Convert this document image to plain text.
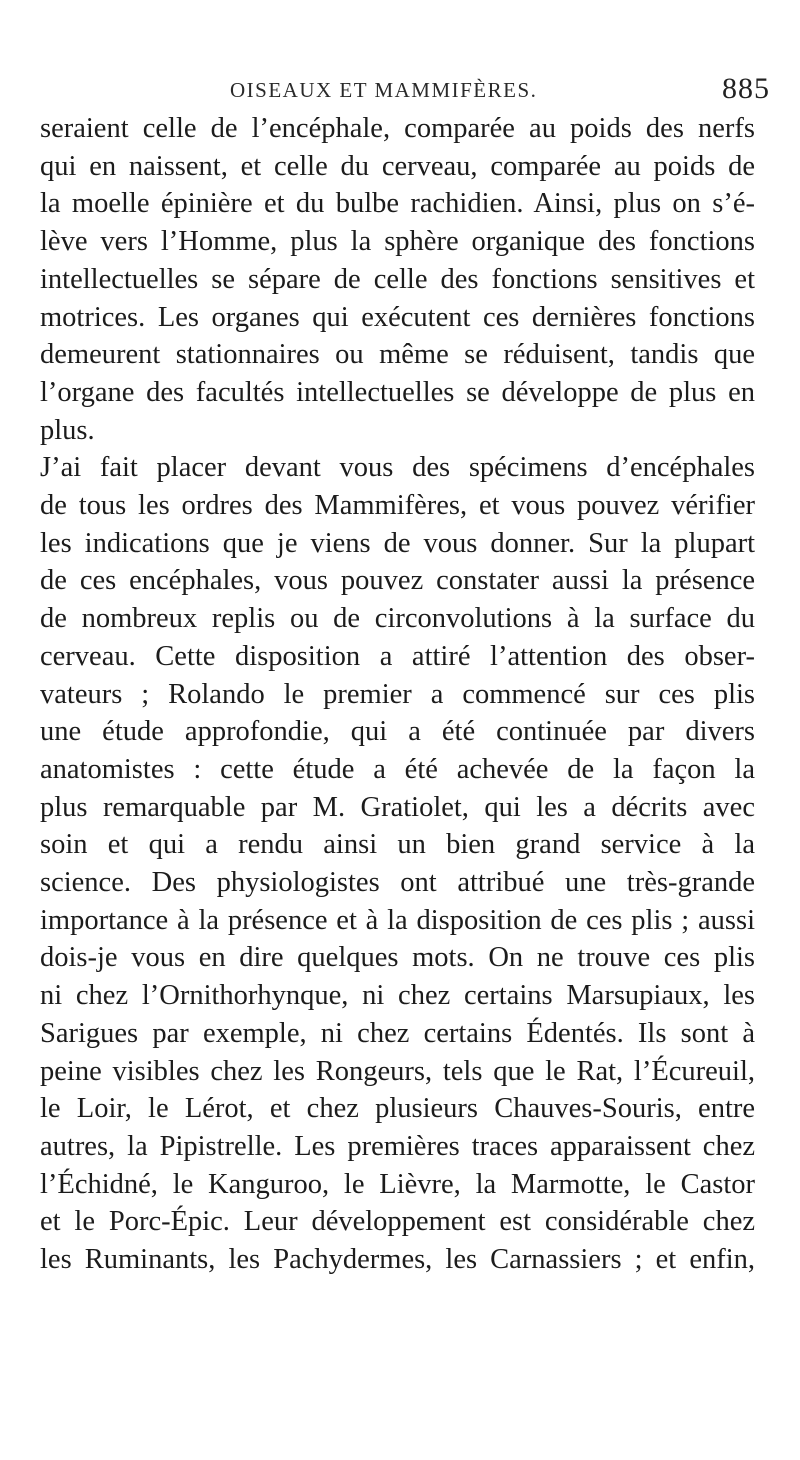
OISEAUX ET MAMMIFÈRES.	885
seraient celle de l’encéphale, comparée au poids des nerfs
qui en naissent, et celle du cerveau, comparée au poids de
la moelle épinière et du bulbe rachidien. Ainsi, plus on s’é-
lève vers l’Homme, plus la sphère organique des fonctions
intellectuelles se sépare de celle des fonctions sensitives et
motrices. Les organes qui exécutent ces dernières fonctions
demeurent stationnaires ou même se réduisent, tandis que
l’organe des facultés intellectuelles se développe de plus en
plus.
J’ai fait placer devant vous des spécimens d’encéphales
de tous les ordres des Mammifères, et vous pouvez vérifier
les indications que je viens de vous donner. Sur la plupart
de ces encéphales, vous pouvez constater aussi la présence
de nombreux replis ou de circonvolutions à la surface du
cerveau. Cette disposition a attiré l’attention des obser-
vateurs ; Rolando le premier a commencé sur ces plis
une étude approfondie, qui a été continuée par divers
anatomistes : cette étude a été achevée de la façon la
plus remarquable par M. Gratiolet, qui les a décrits avec
soin et qui a rendu ainsi un bien grand service à la
science. Des physiologistes ont attribué une très-grande
importance à la présence et à la disposition de ces plis ; aussi
dois-je vous en dire quelques mots. On ne trouve ces plis
ni chez l’Ornithorhynque, ni chez certains Marsupiaux, les
Sarigues par exemple, ni chez certains Édentés. Ils sont à
peine visibles chez les Rongeurs, tels que le Rat, l’Écureuil,
le Loir, le Lérot, et chez plusieurs Chauves-Souris, entre
autres, la Pipistrelle. Les premières traces apparaissent chez
l’Échidné, le Kanguroo, le Lièvre, la Marmotte, le Castor
et le Porc-Épic. Leur développement est considérable chez
les Ruminants, les Pachydermes, les Carnassiers ; et enfin,
